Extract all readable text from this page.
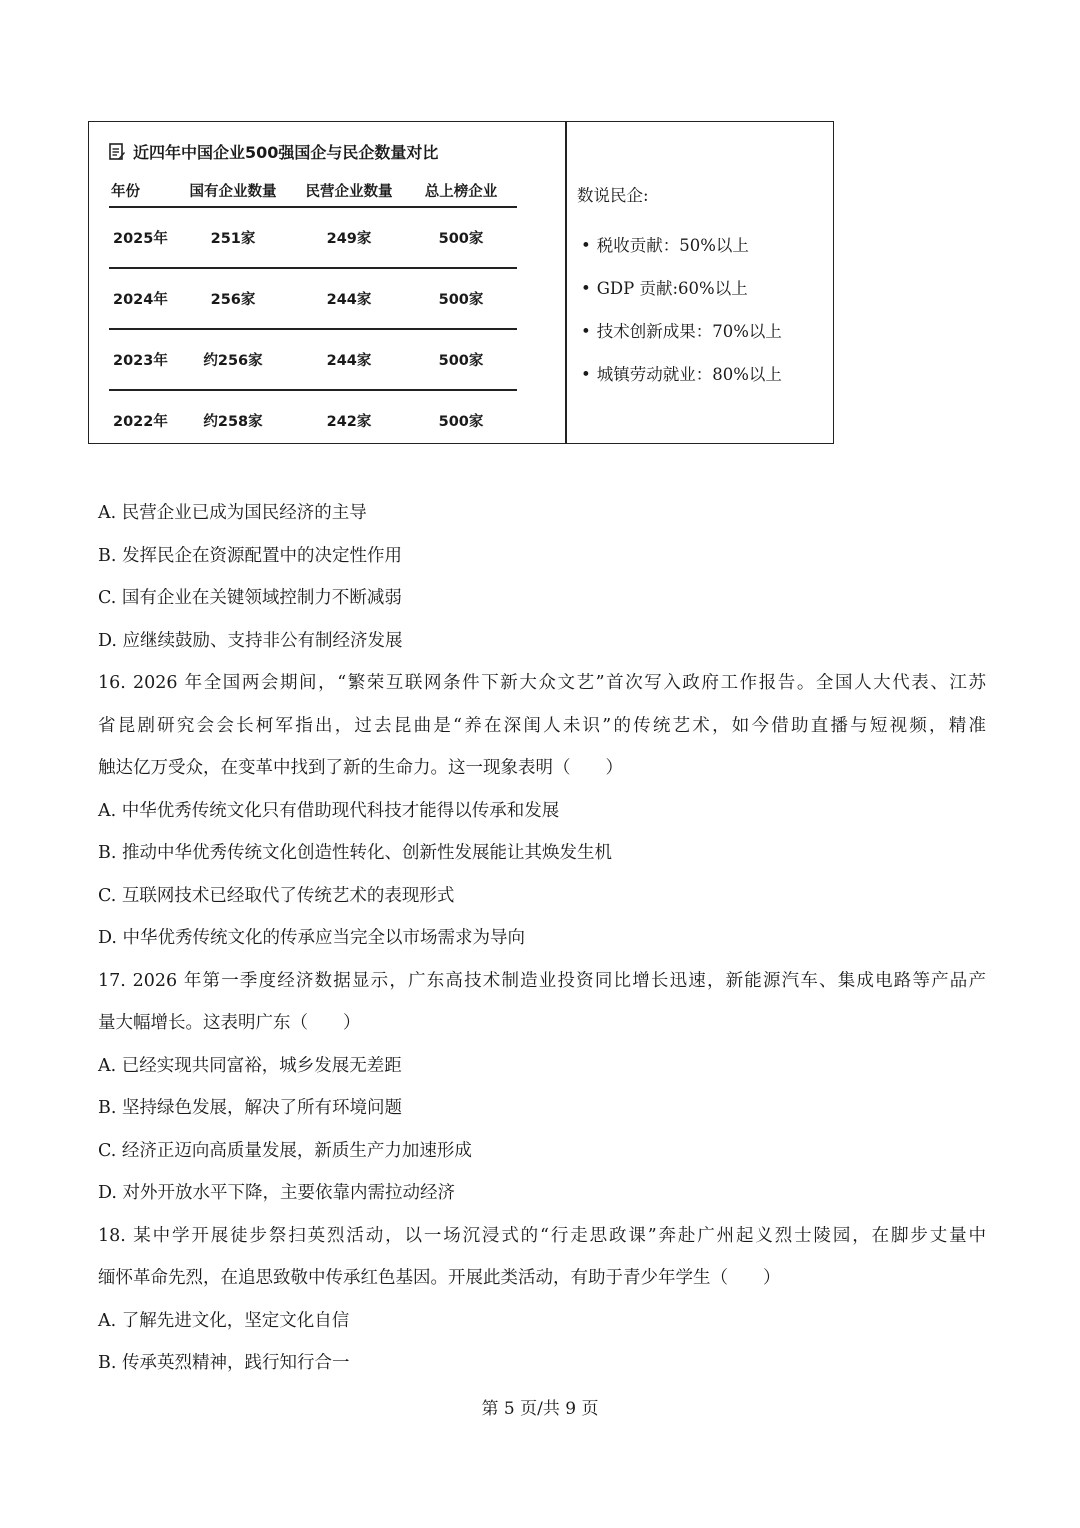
近四年中国企业500强国企与民企数量对比
年份	国有企业数量	民营企业数量	总上榜企业
2025年	251家	249家	500家
2024年	256家	244家	500家
2023年	约256家	244家	500家
2022年	约258家	242家	500家
数说民企:
• 税收贡献：50%以上
• GDP 贡献:60%以上
• 技术创新成果：70%以上
• 城镇劳动就业：80%以上
A. 民营企业已成为国民经济的主导
B. 发挥民企在资源配置中的决定性作用
C. 国有企业在关键领域控制力不断减弱
D. 应继续鼓励、支持非公有制经济发展
16. 2026 年全国两会期间，“繁荣互联网条件下新大众文艺”首次写入政府工作报告。全国人大代表、江苏
省昆剧研究会会长柯军指出，过去昆曲是“养在深闺人未识”的传统艺术，如今借助直播与短视频，精准
触达亿万受众，在变革中找到了新的生命力。这一现象表明（　　）
A. 中华优秀传统文化只有借助现代科技才能得以传承和发展
B. 推动中华优秀传统文化创造性转化、创新性发展能让其焕发生机
C. 互联网技术已经取代了传统艺术的表现形式
D. 中华优秀传统文化的传承应当完全以市场需求为导向
17. 2026 年第一季度经济数据显示，广东高技术制造业投资同比增长迅速，新能源汽车、集成电路等产品产
量大幅增长。这表明广东（　　）
A. 已经实现共同富裕，城乡发展无差距
B. 坚持绿色发展，解决了所有环境问题
C. 经济正迈向高质量发展，新质生产力加速形成
D. 对外开放水平下降，主要依靠内需拉动经济
18. 某中学开展徒步祭扫英烈活动，以一场沉浸式的“行走思政课”奔赴广州起义烈士陵园，在脚步丈量中
缅怀革命先烈，在追思致敬中传承红色基因。开展此类活动，有助于青少年学生（　　）
A. 了解先进文化，坚定文化自信
B. 传承英烈精神，践行知行合一
第 5 页/共 9 页
